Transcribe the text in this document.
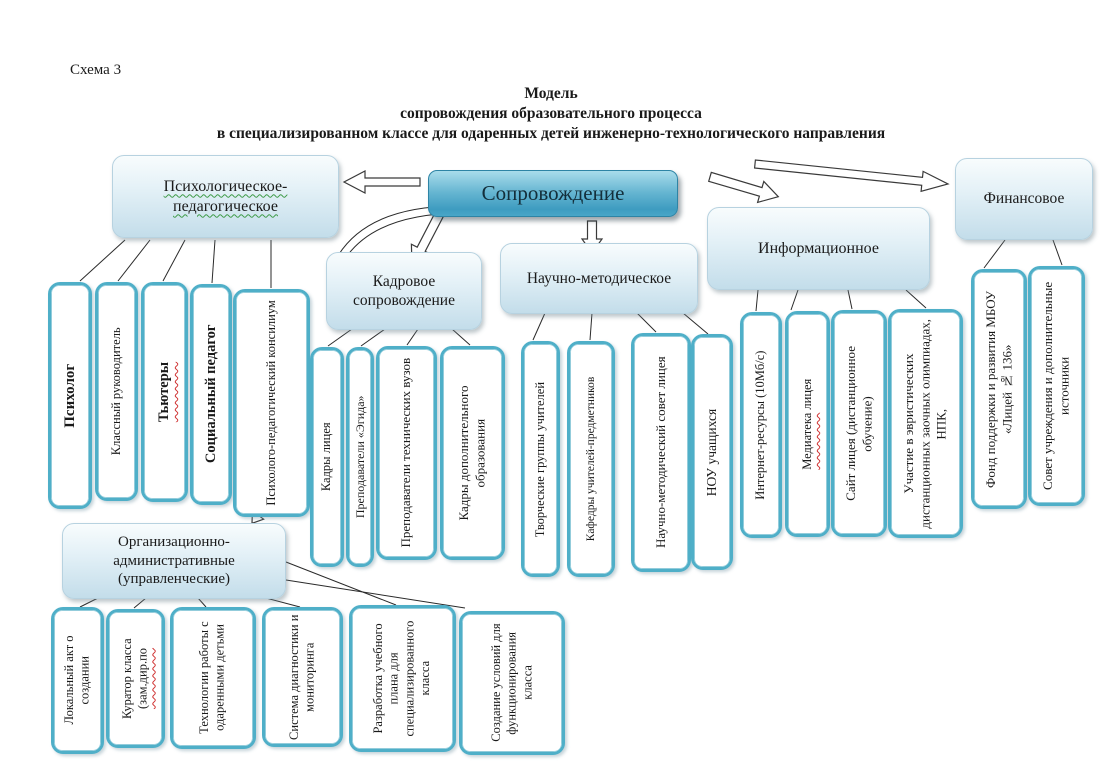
Схема 3
Модель
сопровождения образовательного процесса
в специализированном классе для одаренных детей инженерно-технологического направления
Психологическое-педагогическое
Сопровождение
Кадровое сопровождение
Научно-методическое
Информационное
Финансовое
Организационно-административные (управленческие)
Психолог Классный руководитель Тьютеры Социальный педагог	Психолого-педагогический консилиум	Кадры лицея Преподаватели «Эгида» Преподаватели технических вузов	Кадры дополнительного образования	Творческие группы учителей	Кафедры учителей-предметников	Научно-методический совет лицея	НОУ учащихся	Интернет-ресурсы (10Мб/с)	Медиатека лицея Сайт лицея (дистанционное обучение) Участие в эвристических дистанционных заочных олимпиадах, НПК,	Фонд поддержки и развития МБОУ «Лицей № 136» Совет учреждения и дополнительные источники
Локальный акт о создании Куратор класса (зам.дир.по	Технологии работы с одаренными детьми	Система диагностики и мониторинга	Разработка учебного плана для специализированного класса	Создание условий для функционирования класса
